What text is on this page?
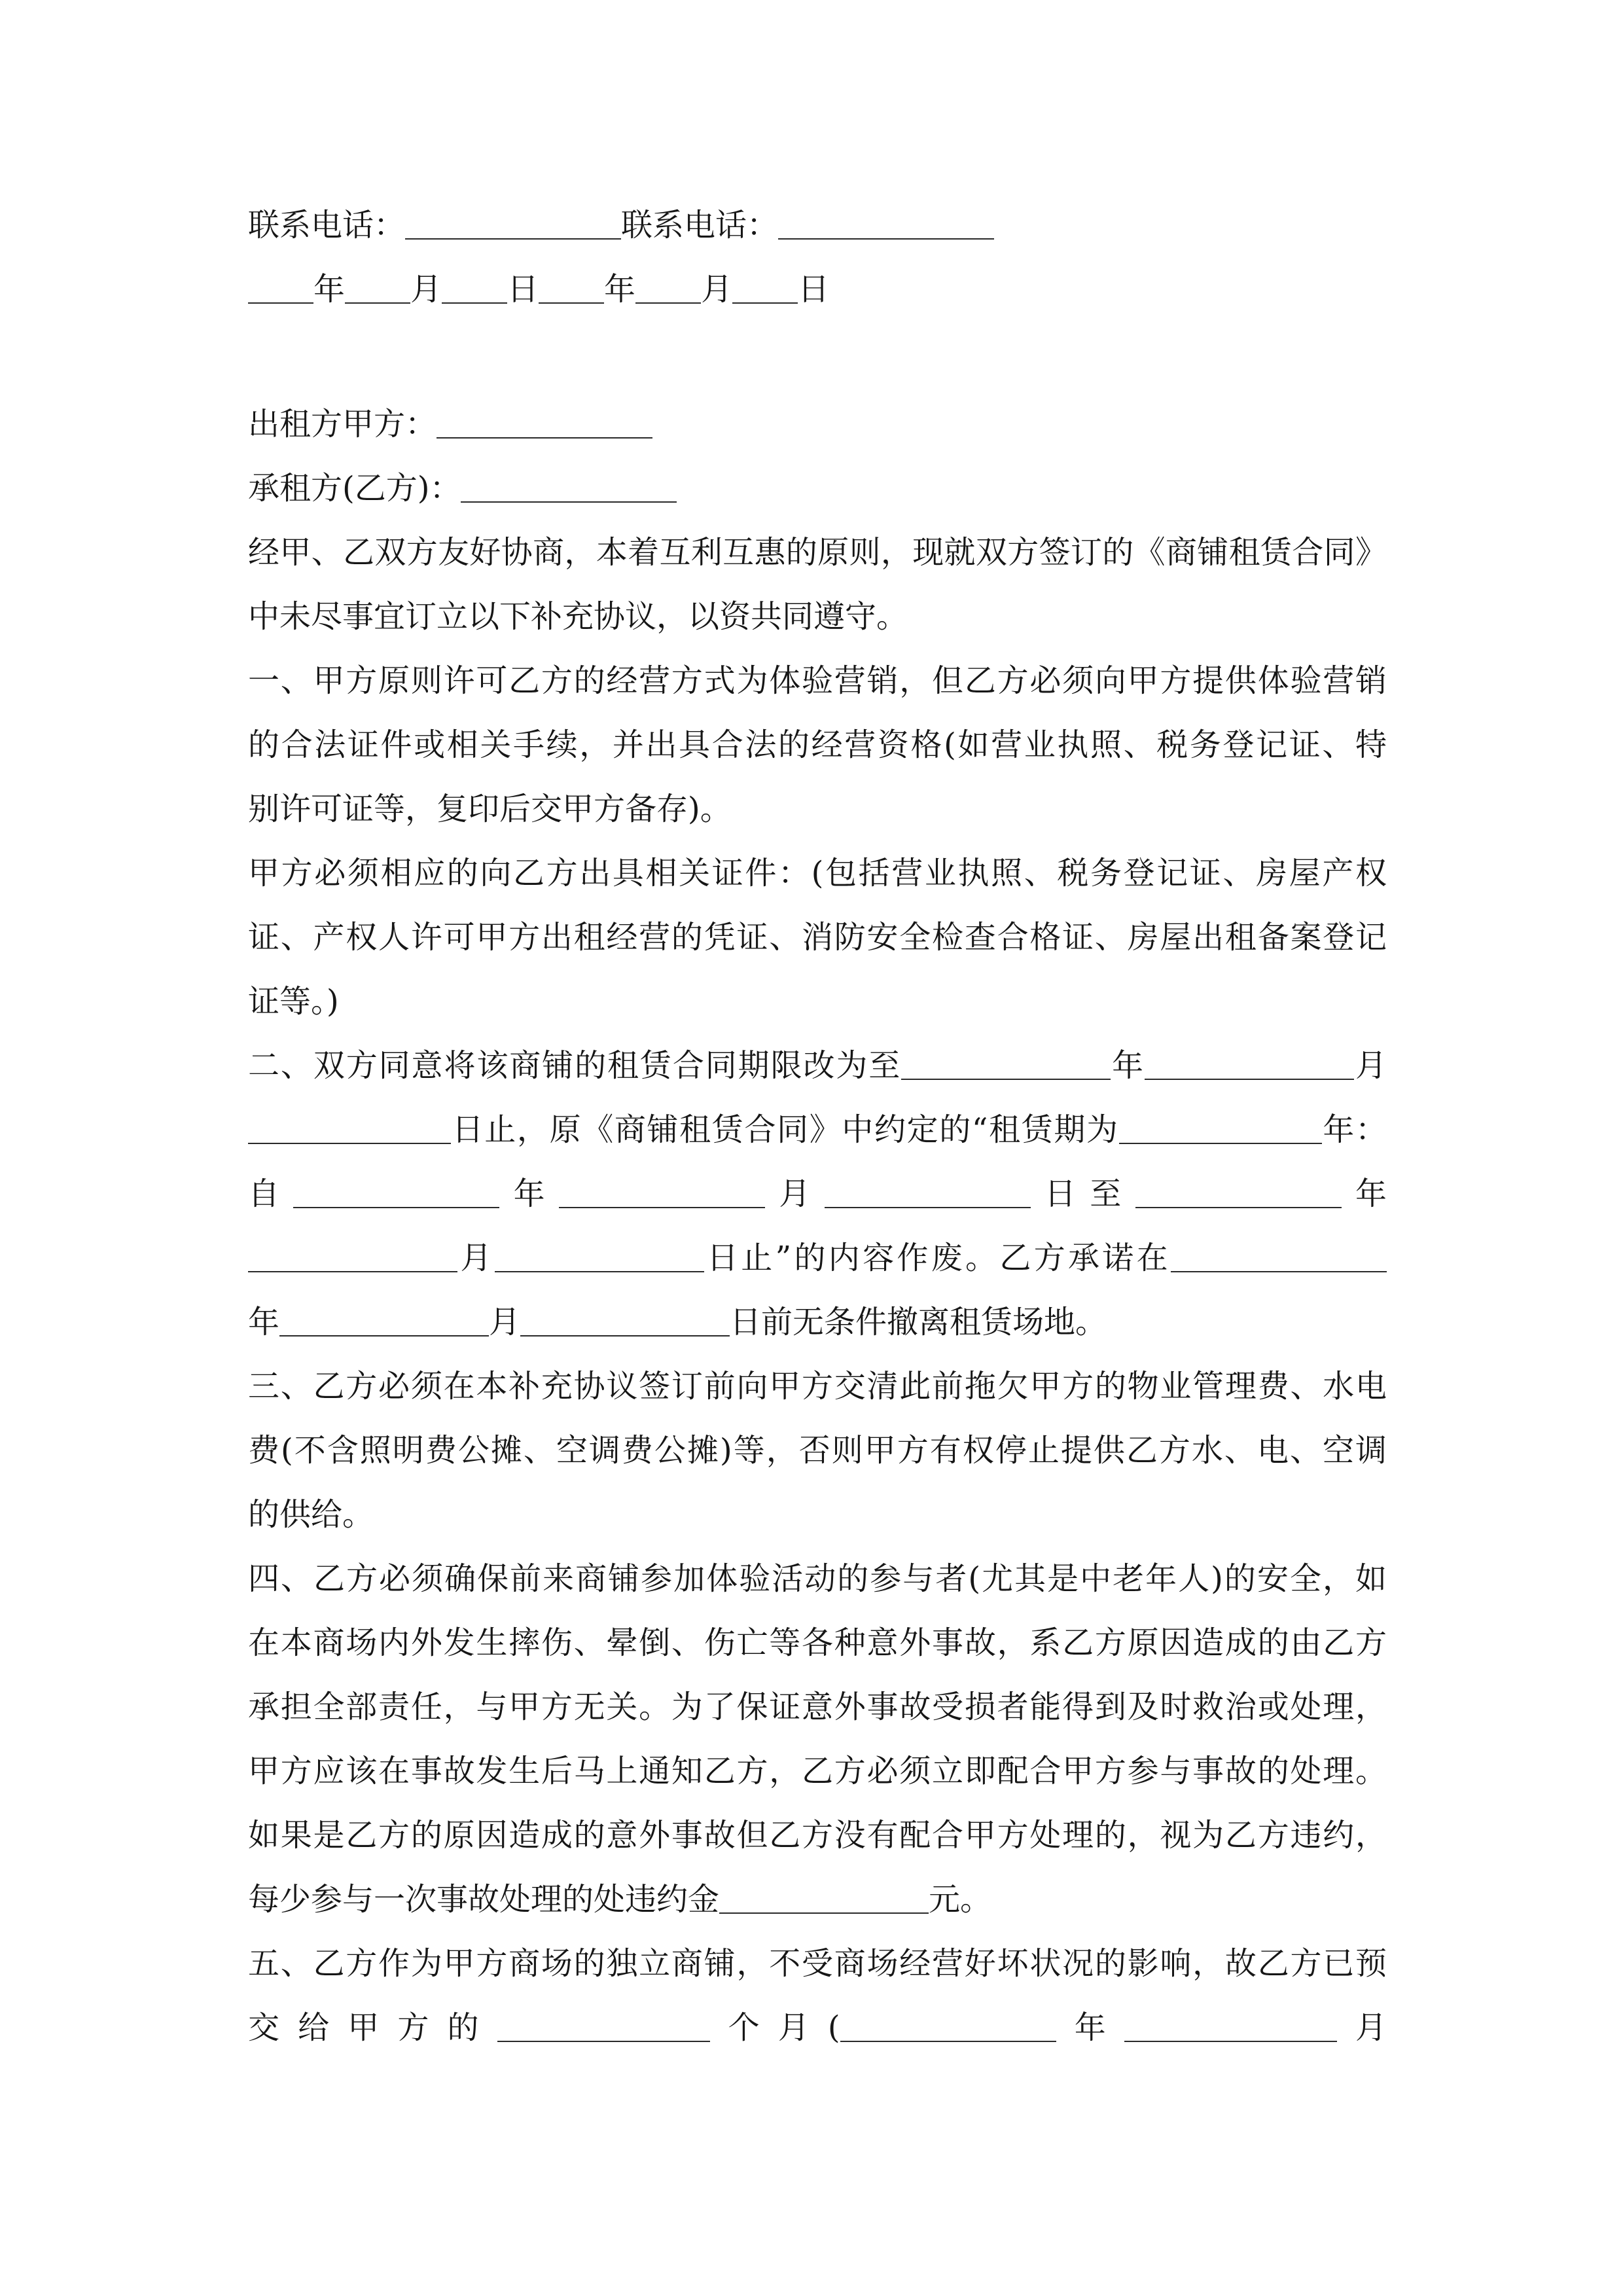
联系电话：	联系电话：
年 月 日 年 月 日
出租方甲方：
承租方(乙方)：
经甲、乙双方友好协商，本着互利互惠的原则，现就双方签订的《商铺租赁合同》
中未尽事宜订立以下补充协议，以资共同遵守。
一、甲方原则许可乙方的经营方式为体验营销，但乙方必须向甲方提供体验营销
的合法证件或相关手续，并出具合法的经营资格(如营业执照、税务登记证、特
别许可证等，复印后交甲方备存)。
甲方必须相应的向乙方出具相关证件：(包括营业执照、税务登记证、房屋产权
证、产权人许可甲方出租经营的凭证、消防安全检查合格证、房屋出租备案登记
证等。)
二、双方同意将该商铺的租赁合同期限改为至	年	月
日止，原《商铺租赁合同》中约定的“租赁期为	年：
自	年	月	日至	年
月	日止”的内容作废。乙方承诺在
年	月	日前无条件撤离租赁场地。
三、乙方必须在本补充协议签订前向甲方交清此前拖欠甲方的物业管理费、水电
费(不含照明费公摊、空调费公摊)等，否则甲方有权停止提供乙方水、电、空调
的供给。
四、乙方必须确保前来商铺参加体验活动的参与者(尤其是中老年人)的安全，如
在本商场内外发生摔伤、晕倒、伤亡等各种意外事故，系乙方原因造成的由乙方
承担全部责任，与甲方无关。为了保证意外事故受损者能得到及时救治或处理，
甲方应该在事故发生后马上通知乙方，乙方必须立即配合甲方参与事故的处理。
如果是乙方的原因造成的意外事故但乙方没有配合甲方处理的，视为乙方违约，
每少参与一次事故处理的处违约金	元。
五、乙方作为甲方商场的独立商铺，不受商场经营好坏状况的影响，故乙方已预
交给甲方的	个月(	年	月
